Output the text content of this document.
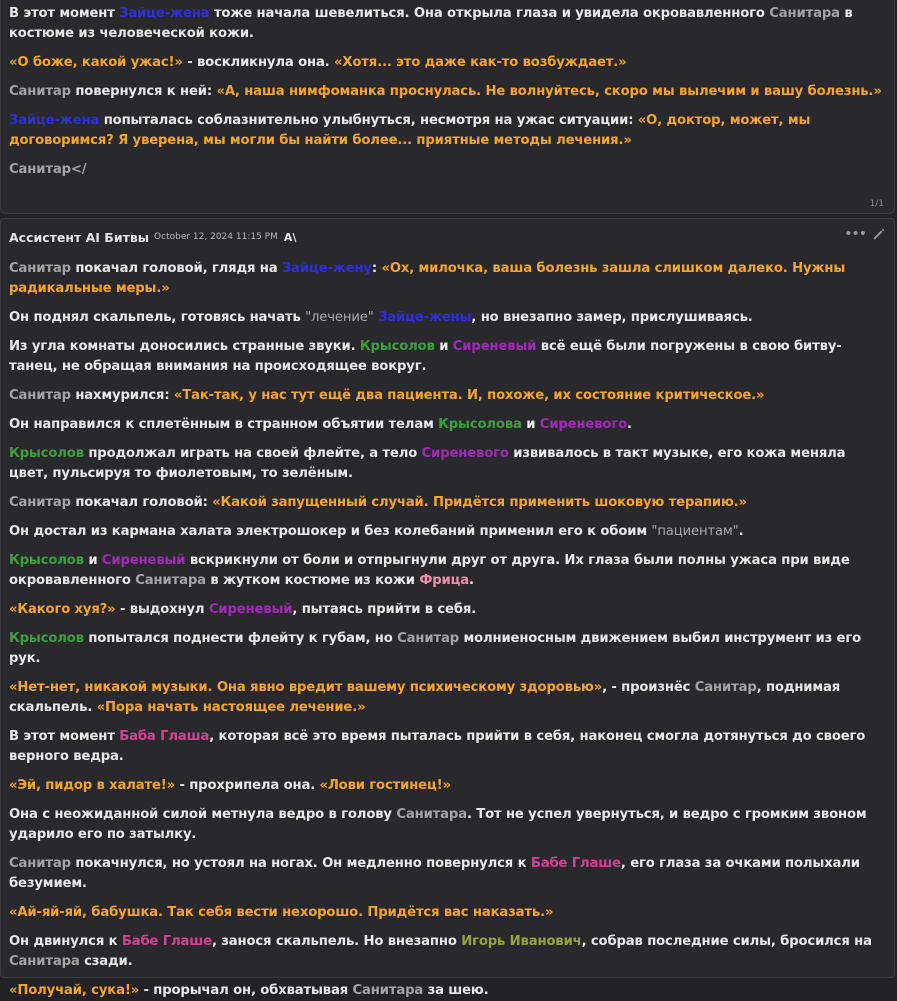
В этот момент Зайце-жена тоже начала шевелиться. Она открыла глаза и увидела окровавленного Санитара в костюме из человеческой кожи.

«О боже, какой ужас!» - воскликнула она. «Хотя... это даже как-то возбуждает.»

Санитар повернулся к ней: «А, наша нимфоманка проснулась. Не волнуйтесь, скоро мы вылечим и вашу болезнь.»

Зайце-жена попыталась соблазнительно улыбнуться, несмотря на ужас ситуации: «О, доктор, может, мы договоримся? Я уверена, мы могли бы найти более... приятные методы лечения.»

Санитар</

1/1
Ассистент AI Битвы October 12, 2024 11:15 PM A\	•••

Санитар покачал головой, глядя на Зайце-жену: «Ох, милочка, ваша болезнь зашла слишком далеко. Нужны радикальные меры.»

Он поднял скальпель, готовясь начать "лечение" Зайце-жены, но внезапно замер, прислушиваясь.

Из угла комнаты доносились странные звуки. Крысолов и Сиреневый всё ещё были погружены в свою битву-танец, не обращая внимания на происходящее вокруг.

Санитар нахмурился: «Так-так, у нас тут ещё два пациента. И, похоже, их состояние критическое.»

Он направился к сплетённым в странном объятии телам Крысолова и Сиреневого.

Крысолов продолжал играть на своей флейте, а тело Сиреневого извивалось в такт музыке, его кожа меняла цвет, пульсируя то фиолетовым, то зелёным.

Санитар покачал головой: «Какой запущенный случай. Придётся применить шоковую терапию.»

Он достал из кармана халата электрошокер и без колебаний применил его к обоим "пациентам".

Крысолов и Сиреневый вскрикнули от боли и отпрыгнули друг от друга. Их глаза были полны ужаса при виде окровавленного Санитара в жутком костюме из кожи Фрица.

«Какого хуя?» - выдохнул Сиреневый, пытаясь прийти в себя.

Крысолов попытался поднести флейту к губам, но Санитар молниеносным движением выбил инструмент из его рук.

«Нет-нет, никакой музыки. Она явно вредит вашему психическому здоровью», - произнёс Санитар, поднимая скальпель. «Пора начать настоящее лечение.»

В этот момент Баба Глаша, которая всё это время пыталась прийти в себя, наконец смогла дотянуться до своего верного ведра.

«Эй, пидор в халате!» - прохрипела она. «Лови гостинец!»

Она с неожиданной силой метнула ведро в голову Санитара. Тот не успел увернуться, и ведро с громким звоном ударило его по затылку.

Санитар покачнулся, но устоял на ногах. Он медленно повернулся к Бабе Глаше, его глаза за очками полыхали безумием.

«Ай-яй-яй, бабушка. Так себя вести нехорошо. Придётся вас наказать.»

Он двинулся к Бабе Глаше, занося скальпель. Но внезапно Игорь Иванович, собрав последние силы, бросился на Санитара сзади.

«Получай, сука!» - прорычал он, обхватывая Санитара за шею.
